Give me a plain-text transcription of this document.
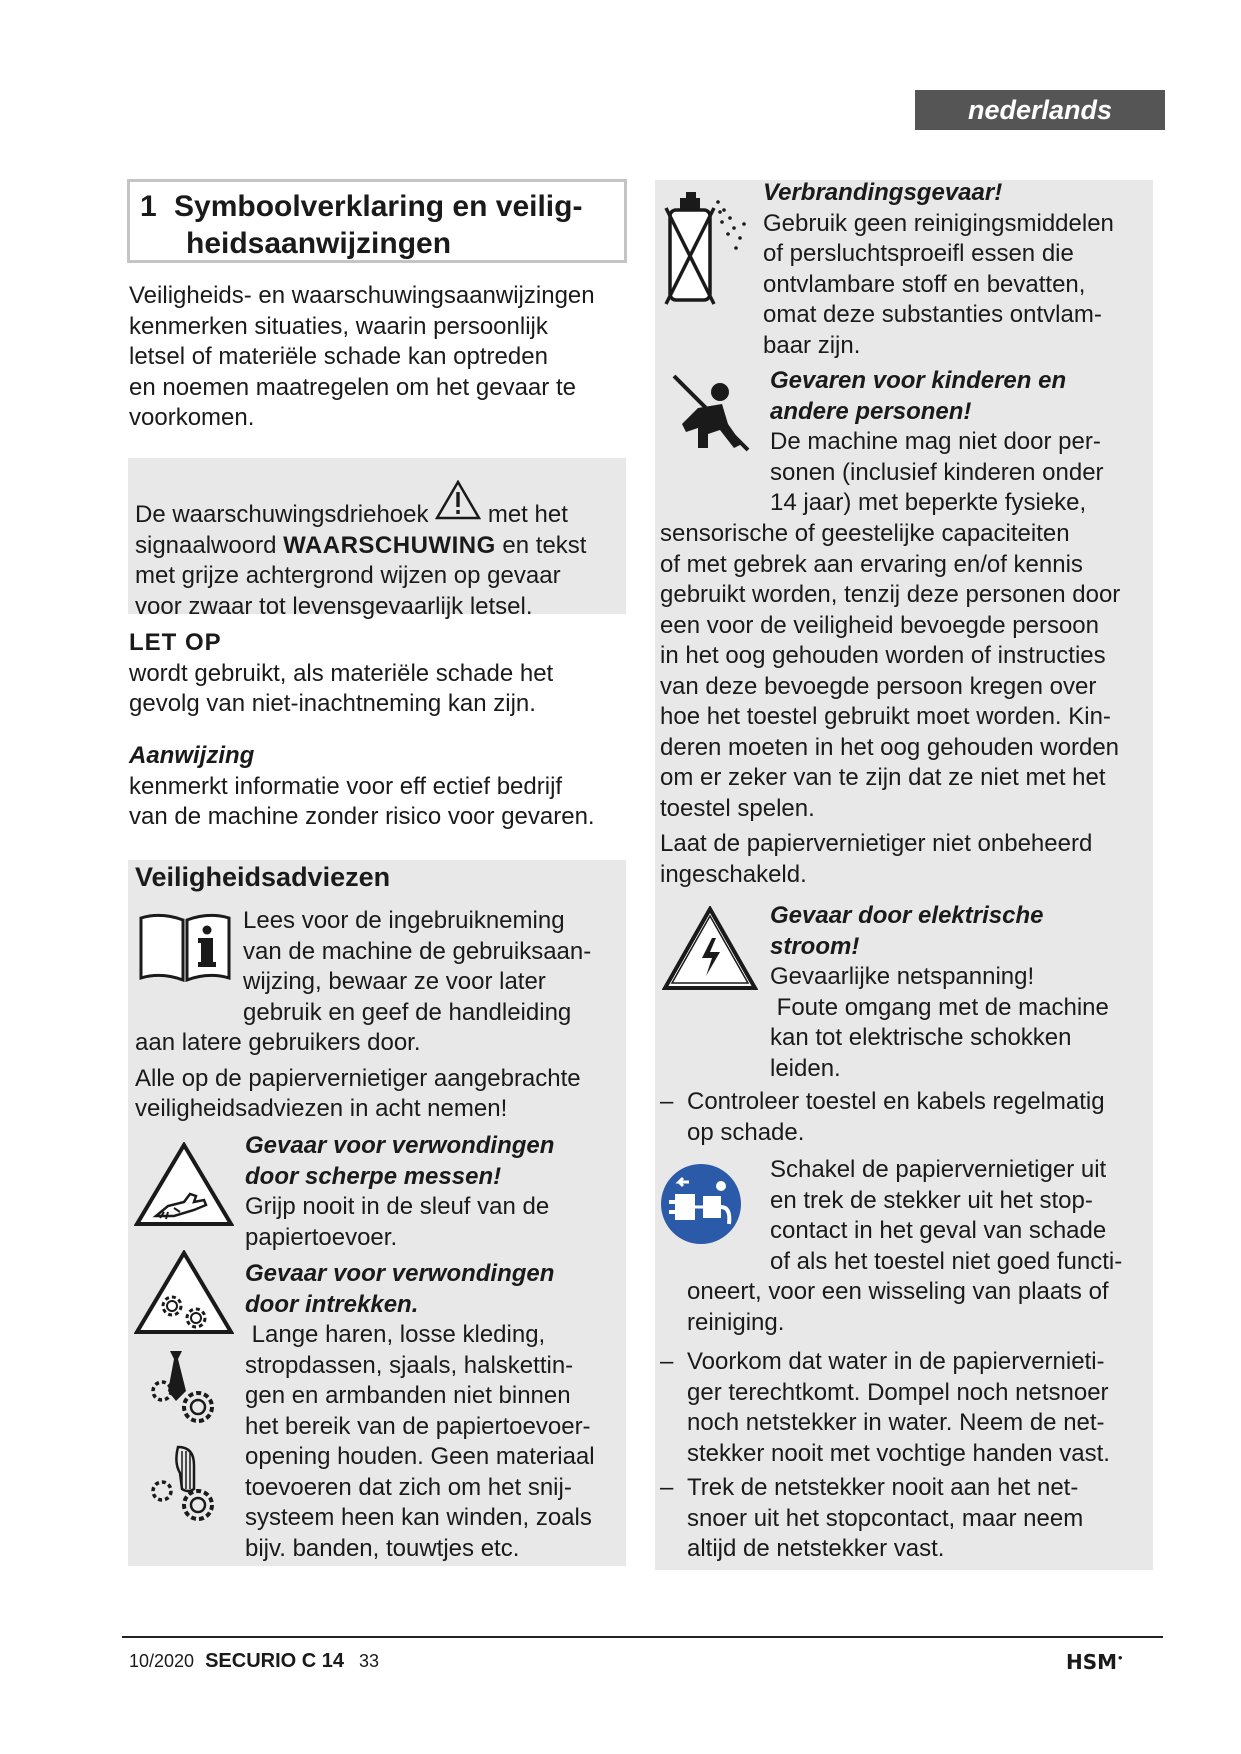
nederlands
1 Symboolverklaring en veilig-
heidsaanwijzingen
Veiligheids- en waarschuwingsaanwijzingen
kenmerken situaties, waarin persoonlijk
letsel of materiële schade kan optreden
en noemen maatregelen om het gevaar te
voorkomen.
De waarschuwingsdriehoek met het
signaalwoord WAARSCHUWING en tekst
met grijze achtergrond wijzen op gevaar
voor zwaar tot levensgevaarlijk letsel.
LET OP
wordt gebruikt, als materiële schade het
gevolg van niet-inachtneming kan zijn.
Aanwijzing
kenmerkt informatie voor eff ectief bedrijf
van de machine zonder risico voor gevaren.
Veiligheidsadviezen
Lees voor de ingebruikneming
van de machine de gebruiksaan-
wijzing, bewaar ze voor later
gebruik en geef de handleiding
aan latere gebruikers door.
Alle op de papiervernietiger aangebrachte
veiligheidsadviezen in acht nemen!
Gevaar voor verwondingen
door scherpe messen!
Grijp nooit in de sleuf van de
papiertoevoer.
Gevaar voor verwondingen
door intrekken.
Lange haren, losse kleding,
stropdassen, sjaals, halskettin-
gen en armbanden niet binnen
het bereik van de papiertoevoer-
opening houden. Geen materiaal
toevoeren dat zich om het snij-
systeem heen kan winden, zoals
bijv. banden, touwtjes etc.
Verbrandingsgevaar!
Gebruik geen reinigingsmiddelen
of persluchtsproeifl essen die
ontvlambare stoff en bevatten,
omat deze substanties ontvlam-
baar zijn.
Gevaren voor kinderen en
andere personen!
De machine mag niet door per-
sonen (inclusief kinderen onder
14 jaar) met beperkte fysieke,
sensorische of geestelijke capaciteiten
of met gebrek aan ervaring en/of kennis
gebruikt worden, tenzij deze personen door
een voor de veiligheid bevoegde persoon
in het oog gehouden worden of instructies
van deze bevoegde persoon kregen over
hoe het toestel gebruikt moet worden. Kin-
deren moeten in het oog gehouden worden
om er zeker van te zijn dat ze niet met het
toestel spelen.
Laat de papiervernietiger niet onbeheerd
ingeschakeld.
Gevaar door elektrische
stroom!
Gevaarlijke netspanning!
Foute omgang met de machine
kan tot elektrische schokken
leiden.
– Controleer toestel en kabels regelmatig
op schade.
Schakel de papiervernietiger uit
en trek de stekker uit het stop-
contact in het geval van schade
of als het toestel niet goed functi-
oneert, voor een wisseling van plaats of
reiniging.
– Voorkom dat water in de papiervernieti-
ger terechtkomt. Dompel noch netsnoer
noch netstekker in water. Neem de net-
stekker nooit met vochtige handen vast.
– Trek de netstekker nooit aan het net-
snoer uit het stopcontact, maar neem
altijd de netstekker vast.
10/2020 SECURIO C 14 33	HSM•
